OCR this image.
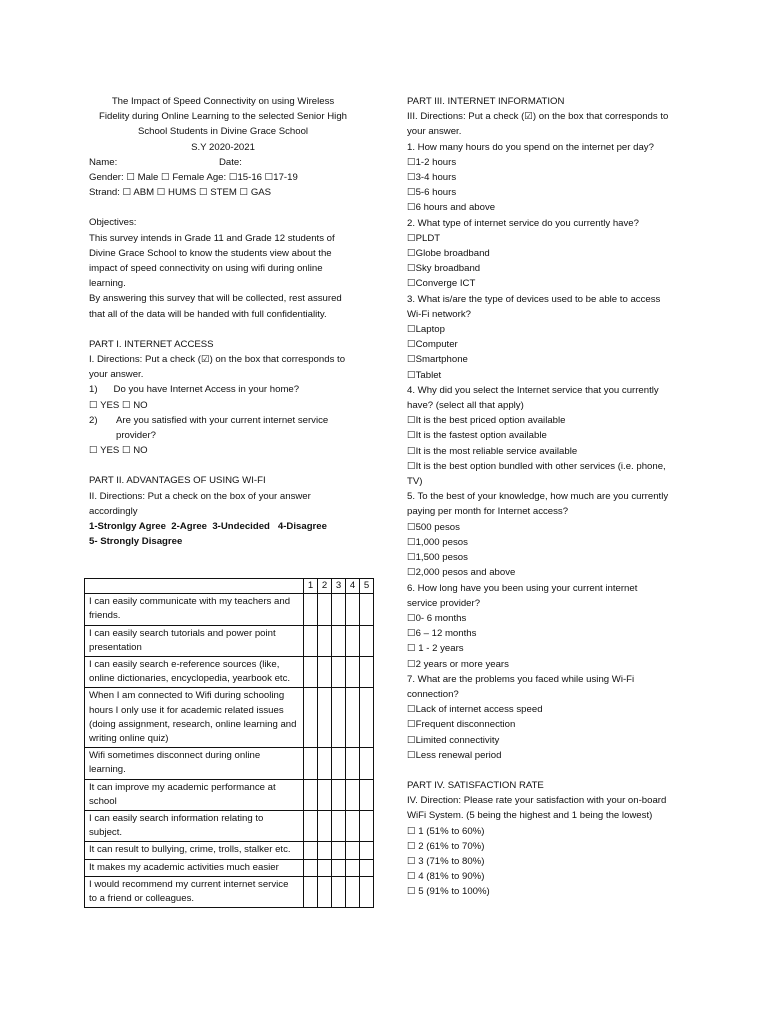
The Impact of Speed Connectivity on using Wireless
Fidelity during Online Learning to the selected Senior High
School Students in Divine Grace School
S.Y 2020-2021
Name:	Date:
Gender: ☐ Male ☐ Female Age: ☐15-16 ☐17-19
Strand: ☐ ABM ☐ HUMS ☐ STEM ☐ GAS

Objectives:

This survey intends in Grade 11 and Grade 12 students of Divine Grace School to know the students view about the impact of speed connectivity on using wifi during online learning.

By answering this survey that will be collected, rest assured that all of the data will be handed with full confidentiality.

PART I. INTERNET ACCESS

I. Directions: Put a check (☑) on the box that corresponds to your answer.

1)      Do you have Internet Access in your home?

☐ YES ☐ NO

2)	Are you satisfied with your current internet service provider?

☐ YES ☐ NO

PART II. ADVANTAGES OF USING WI-FI

II. Directions: Put a check on the box of your answer accordingly

1-Stronlgy Agree  2-Agree  3-Undecided   4-Disagree

5- Strongly Disagree

	1	2	3	4	5
I can easily communicate with my teachers and friends.					
I can easily search tutorials and power point presentation					
I can easily search e-reference sources (like, online dictionaries, encyclopedia, yearbook etc.					
When I am connected to Wifi during schooling hours I only use it for academic related issues (doing assignment, research, online learning and writing online quiz)					
Wifi sometimes disconnect during online learning.					
It can improve my academic performance at school					
I can easily search information relating to subject.					
It can result to bullying, crime, trolls, stalker etc.					
It makes my academic activities much easier					
I would recommend my current internet service to a friend or colleagues.					

PART III. INTERNET INFORMATION

III. Directions: Put a check (☑) on the box that corresponds to your answer.

1. How many hours do you spend on the internet per day?

☐1-2 hours

☐3-4 hours

☐5-6 hours

☐6 hours and above

2. What type of internet service do you currently have?

☐PLDT

☐Globe broadband

☐Sky broadband

☐Converge ICT

3. What is/are the type of devices used to be able to access Wi-Fi network?

☐Laptop

☐Computer

☐Smartphone

☐Tablet

4. Why did you select the Internet service that you currently have? (select all that apply)

☐It is the best priced option available

☐It is the fastest option available

☐It is the most reliable service available

☐It is the best option bundled with other services (i.e. phone, TV)

5. To the best of your knowledge, how much are you currently paying per month for Internet access?

☐500 pesos

☐1,000 pesos

☐1,500 pesos

☐2,000 pesos and above

6. How long have you been using your current internet service provider?

☐0- 6 months

☐6 – 12 months

☐ 1 - 2 years

☐2 years or more years

7. What are the problems you faced while using Wi-Fi connection?

☐Lack of internet access speed

☐Frequent disconnection

☐Limited connectivity

☐Less renewal period

PART IV. SATISFACTION RATE

IV. Direction: Please rate your satisfaction with your on-board WiFi System. (5 being the highest and 1 being the lowest)

☐ 1 (51% to 60%)

☐ 2 (61% to 70%)

☐ 3 (71% to 80%)

☐ 4 (81% to 90%)

☐ 5 (91% to 100%)
